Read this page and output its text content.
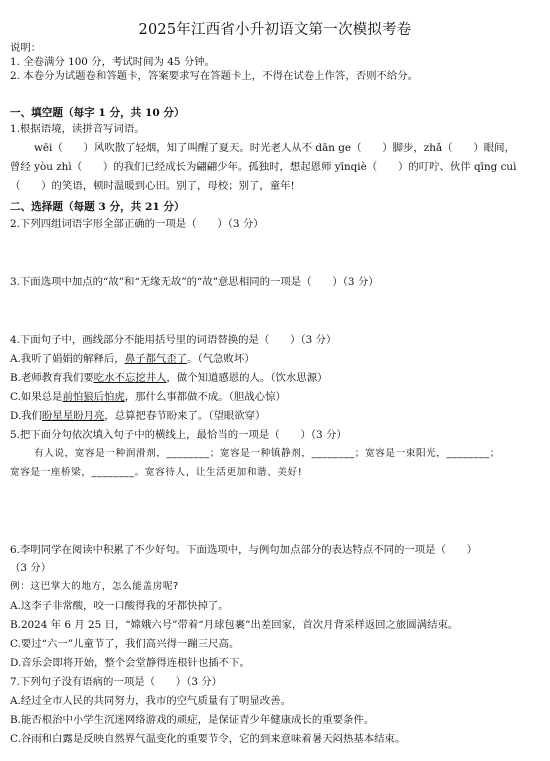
2025年江西省小升初语文第一次模拟考卷
说明：
1. 全卷满分 100 分，考试时间为 45 分钟。
2. 本卷分为试题卷和答题卡，答案要求写在答题卡上，不得在试卷上作答，否则不给分。
一、填空题（每字 1 分，共 10 分）
1.根据语境，读拼音写词语。
wēi（　　）风吹散了轻烟，知了叫醒了夏天。时光老人从不 dān ge（　　）脚步，zhǎ（　　）眼间，
曾经 yòu zhì（　　）的我们已经成长为翩翩少年。孤独时，想起恩师 yīnqiè（　　）的叮咛、伙伴 qīng cuì
（　　）的笑语，顿时温暖到心田。别了，母校；别了，童年!
二、选择题（每题 3 分，共 21 分）
2.下列四组词语字形全部正确的一项是（　　）（3 分）
3.下面选项中加点的“故”和“无缘无故”的“故”意思相同的一项是（　　）（3 分）
4.下面句子中，画线部分不能用括号里的词语替换的是（　　）（3 分）
A.我听了娟娟的解释后，鼻子都气歪了。（气急败坏）
B.老师教育我们要吃水不忘挖井人，做个知道感恩的人。（饮水思源）
C.如果总是前怕狼后怕虎，那什么事都做不成。（胆战心惊）
D.我们盼星星盼月亮，总算把春节盼来了。（望眼欲穿）
5.把下面分句依次填入句子中的横线上，最恰当的一项是（　　）（3 分）
有人说，宽容是一种润滑剂，________；宽容是一种镇静剂，________；宽容是一束阳光，________；
宽容是一座桥梁，________。宽容待人，让生活更加和谐、美好!
6.李明同学在阅读中积累了不少好句。下面选项中，与例句加点部分的表达特点不同的一项是（　　）
（3 分）
例：这巴掌大的地方，怎么能盖房呢?
A.这李子非常酸，咬一口酸得我的牙都快掉了。
B.2024 年 6 月 25 日，“嫦娥六号”带着“月球包裹”出差回家，首次月背采样返回之旅圆满结束。
C.要过“六一”儿童节了，我们高兴得一蹦三尺高。
D.音乐会即将开始，整个会堂静得连根针也插不下。
7.下列句子没有语病的一项是（　　）（3 分）
A.经过全市人民的共同努力，我市的空气质量有了明显改善。
B.能否根治中小学生沉迷网络游戏的顽症，是保证青少年健康成长的重要条件。
C.谷雨和白露是反映自然界气温变化的重要节令，它的到来意味着暑天闷热基本结束。
